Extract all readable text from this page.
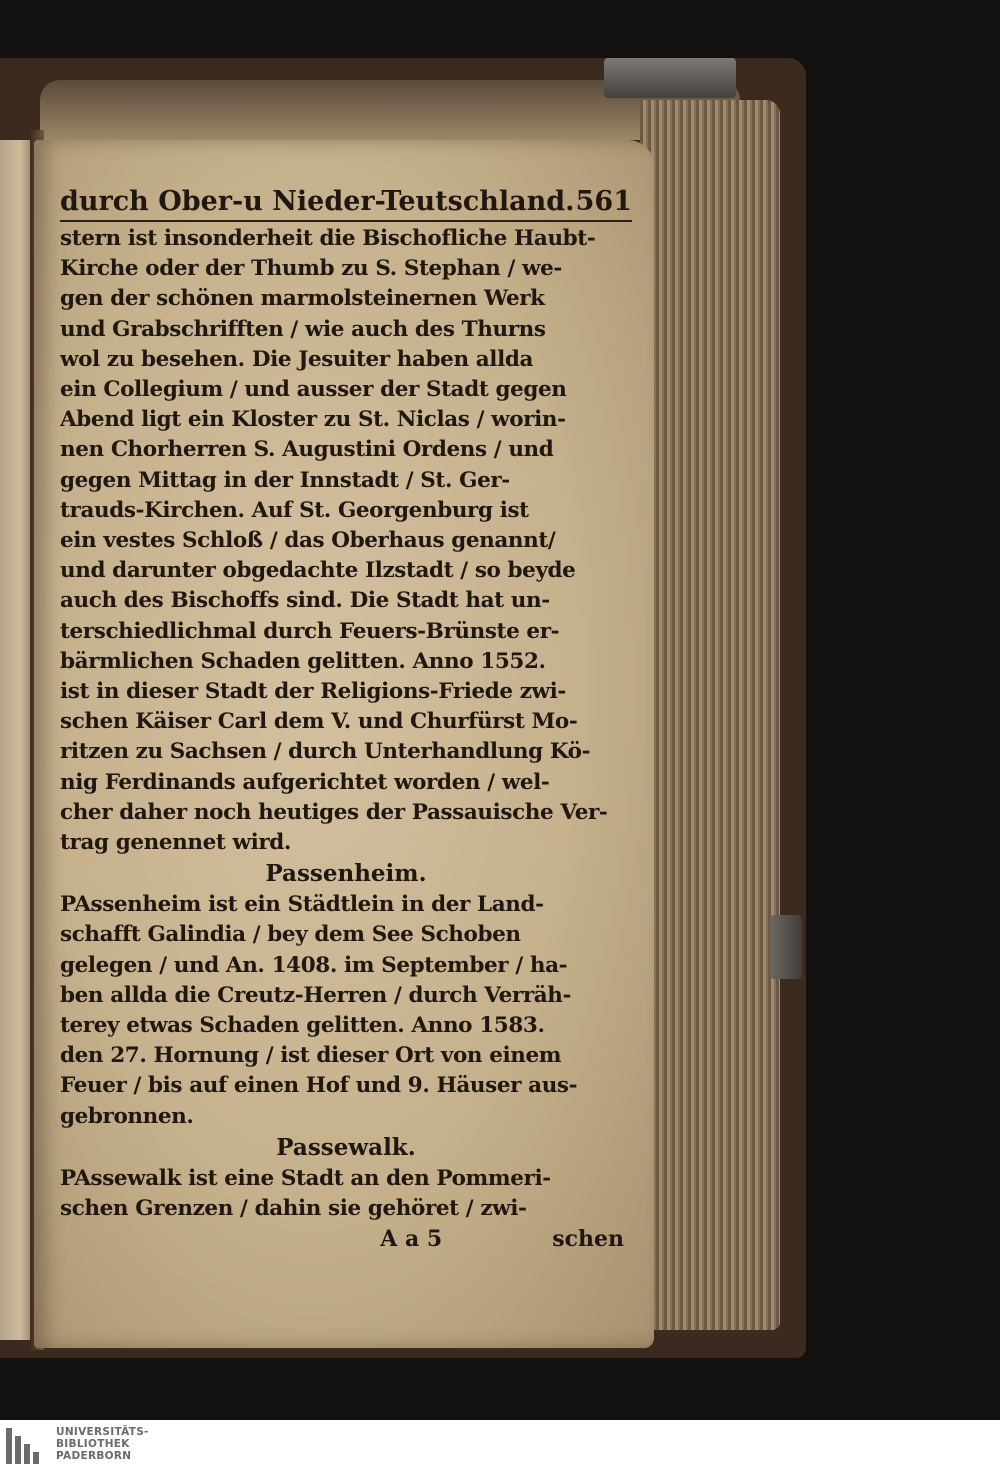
durch Ober-u Nieder-Teutschland. 561
stern ist insonderheit die Bischofliche Haubt-
Kirche oder der Thumb zu S. Stephan / we-
gen der schönen marmolsteinernen Werk
und Grabschrifften / wie auch des Thurns
wol zu besehen. Die Jesuiter haben allda
ein Collegium / und ausser der Stadt gegen
Abend ligt ein Kloster zu St. Niclas / worin-
nen Chorherren S. Augustini Ordens / und
gegen Mittag in der Innstadt / St. Ger-
trauds-Kirchen. Auf St. Georgenburg ist
ein vestes Schloß / das Oberhaus genannt/
und darunter obgedachte Ilzstadt / so beyde
auch des Bischoffs sind. Die Stadt hat un-
terschiedlichmal durch Feuers-Brünste er-
bärmlichen Schaden gelitten. Anno 1552.
ist in dieser Stadt der Religions-Friede zwi-
schen Käiser Carl dem V. und Churfürst Mo-
ritzen zu Sachsen / durch Unterhandlung Kö-
nig Ferdinands aufgerichtet worden / wel-
cher daher noch heutiges der Passauische Ver-
trag genennet wird.
Passenheim.
PAssenheim ist ein Städtlein in der Land-
schafft Galindia / bey dem See Schoben
gelegen / und An. 1408. im September / ha-
ben allda die Creutz-Herren / durch Verräh-
terey etwas Schaden gelitten. Anno 1583.
den 27. Hornung / ist dieser Ort von einem
Feuer / bis auf einen Hof und 9. Häuser aus-
gebronnen.
Passewalk.
PAssewalk ist eine Stadt an den Pommeri-
schen Grenzen / dahin sie gehöret / zwi-
A a 5	schen
UNIVERSITÄTS-
BIBLIOTHEK
PADERBORN
